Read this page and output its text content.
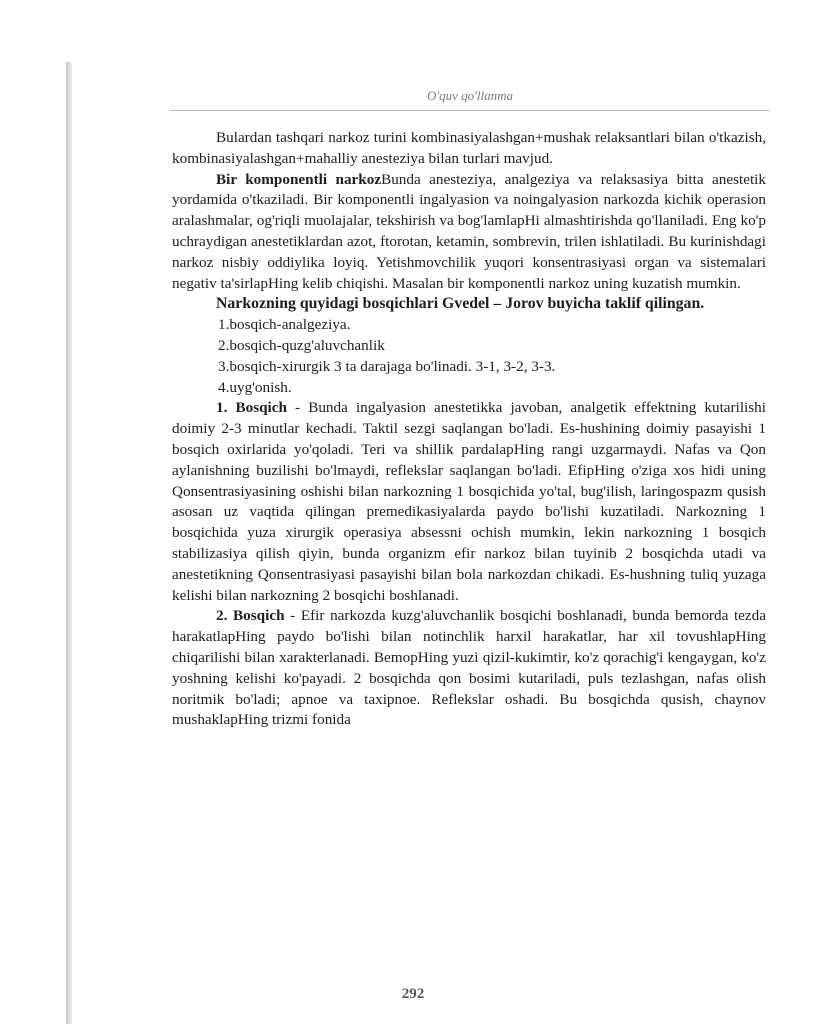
O'quv qo'llanma

Bulardan tashqari narkoz turini kombinasiyalashgan+mushak relaksantlari bilan o'tkazish, kombinasiyalashgan+mahalliy anesteziya bilan turlari mavjud.

Bir komponentli narkozBunda anesteziya, analgeziya va relaksasiya bitta anestetik yordamida o'tkaziladi. Bir komponentli ingalyasion va noingalyasion narkozda kichik operasion aralashmalar, og'riqli muolajalar, tekshirish va bog'lamlapHi almashtirishda qo'llaniladi. Eng ko'p uchraydigan anestetiklardan azot, ftorotan, ketamin, sombrevin, trilen ishlatiladi. Bu kurinishdagi narkoz nisbiy oddiylika loyiq. Yetishmovchilik yuqori konsentrasiyasi organ va sistemalari negativ ta'sirlapHing kelib chiqishi. Masalan bir komponentli narkoz uning kuzatish mumkin.

Narkozning quyidagi bosqichlari Gvedel – Jorov buyicha taklif qilingan.

1.bosqich-analgeziya.

2.bosqich-quzg'aluvchanlik

3.bosqich-xirurgik 3 ta darajaga bo'linadi. 3-1, 3-2, 3-3.

4.uyg'onish.

1. Bosqich - Bunda ingalyasion anestetikka javoban, analgetik effektning kutarilishi doimiy 2-3 minutlar kechadi. Taktil sezgi saqlangan bo'ladi. Es-hushining doimiy pasayishi 1 bosqich oxirlarida yo'qoladi. Teri va shillik pardalapHing rangi uzgarmaydi. Nafas va Qon aylanishning buzilishi bo'lmaydi, reflekslar saqlangan bo'ladi. EfipHing o'ziga xos hidi uning Qonsentrasiyasining oshishi bilan narkozning 1 bosqichida yo'tal, bug'ilish, laringospazm qusish asosan uz vaqtida qilingan premedikasiyalarda paydo bo'lishi kuzatiladi. Narkozning 1 bosqichida yuza xirurgik operasiya absessni ochish mumkin, lekin narkozning 1 bosqich stabilizasiya qilish qiyin, bunda organizm efir narkoz bilan tuyinib 2 bosqichda utadi va anestetikning Qonsentrasiyasi pasayishi bilan bola narkozdan chikadi. Es-hushning tuliq yuzaga kelishi bilan narkozning 2 bosqichi boshlanadi.

2. Bosqich - Efir narkozda kuzg'aluvchanlik bosqichi boshlanadi, bunda bemorda tezda harakatlapHing paydo bo'lishi bilan notinchlik harxil harakatlar, har xil tovushlapHing chiqarilishi bilan xarakterlanadi. BemopHing yuzi qizil-kukimtir, ko'z qorachig'i kengaygan, ko'z yoshning kelishi ko'payadi. 2 bosqichda qon bosimi kutariladi, puls tezlashgan, nafas olish noritmik bo'ladi; apnoe va taxipnoe. Reflekslar oshadi. Bu bosqichda qusish, chaynov mushaklapHing trizmi fonida

292
